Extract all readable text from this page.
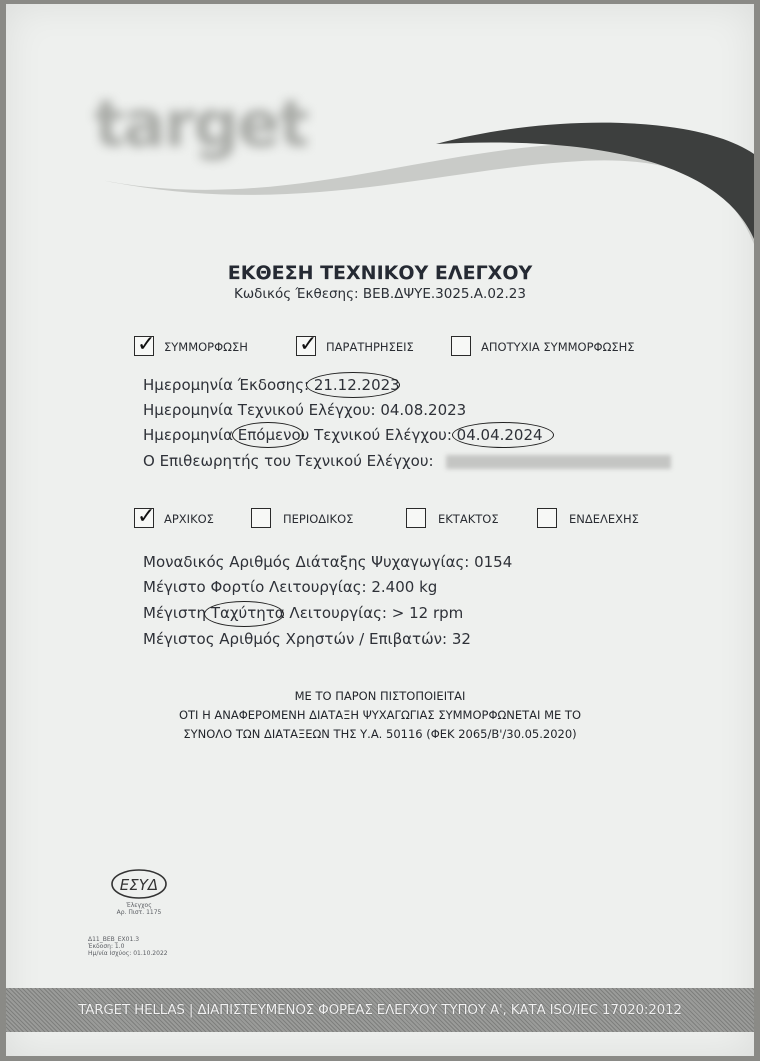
target
ΕΚΘΕΣΗ ΤΕΧΝΙΚΟΥ ΕΛΕΓΧΟΥ
Κωδικός Έκθεσης: ΒΕΒ.ΔΨΥΕ.3025.Α.02.23
✓ ΣΥΜΜΟΡΦΩΣΗ ✓ ΠΑΡΑΤΗΡΗΣΕΙΣ	ΑΠΟΤΥΧΙΑ ΣΥΜΜΟΡΦΩΣΗΣ
Ημερομηνία Έκδοσης: 21.12.2023
Ημερομηνία Τεχνικού Ελέγχου: 04.08.2023
Ημερομηνία Επόμενου Τεχνικού Ελέγχου: 04.04.2024
Ο Επιθεωρητής του Τεχνικού Ελέγχου:
✓ ΑΡΧΙΚΟΣ	ΠΕΡΙΟΔΙΚΟΣ	ΕΚΤΑΚΤΟΣ	ΕΝΔΕΛΕΧΗΣ
Μοναδικός Αριθμός Διάταξης Ψυχαγωγίας: 0154
Μέγιστο Φορτίο Λειτουργίας: 2.400 kg
Μέγιστη Ταχύτητα Λειτουργίας: > 12 rpm
Μέγιστος Αριθμός Χρηστών / Επιβατών: 32
ΜΕ ΤΟ ΠΑΡΟΝ ΠΙΣΤΟΠΟΙΕΙΤΑΙ
ΟΤΙ Η ΑΝΑΦΕΡΟΜΕΝΗ ΔΙΑΤΑΞΗ ΨΥΧΑΓΩΓΙΑΣ ΣΥΜΜΟΡΦΩΝΕΤΑΙ ΜΕ ΤΟ
ΣΥΝΟΛΟ ΤΩΝ ΔΙΑΤΑΞΕΩΝ ΤΗΣ Υ.Α. 50116 (ΦΕΚ 2065/Β'/30.05.2020)
ΕΣΥΔ
Έλεγχος
Αρ. Πιστ. 1175
Δ11_ΒΕΒ_ΕΧ01.3
Έκδοση: 1.0
Ημ/νία Ισχύος: 01.10.2022
TARGET HELLAS | ΔΙΑΠΙΣΤΕΥΜΕΝΟΣ ΦΟΡΕΑΣ ΕΛΕΓΧΟΥ ΤΥΠΟΥ Α', ΚΑΤΑ ISO/IEC 17020:2012
